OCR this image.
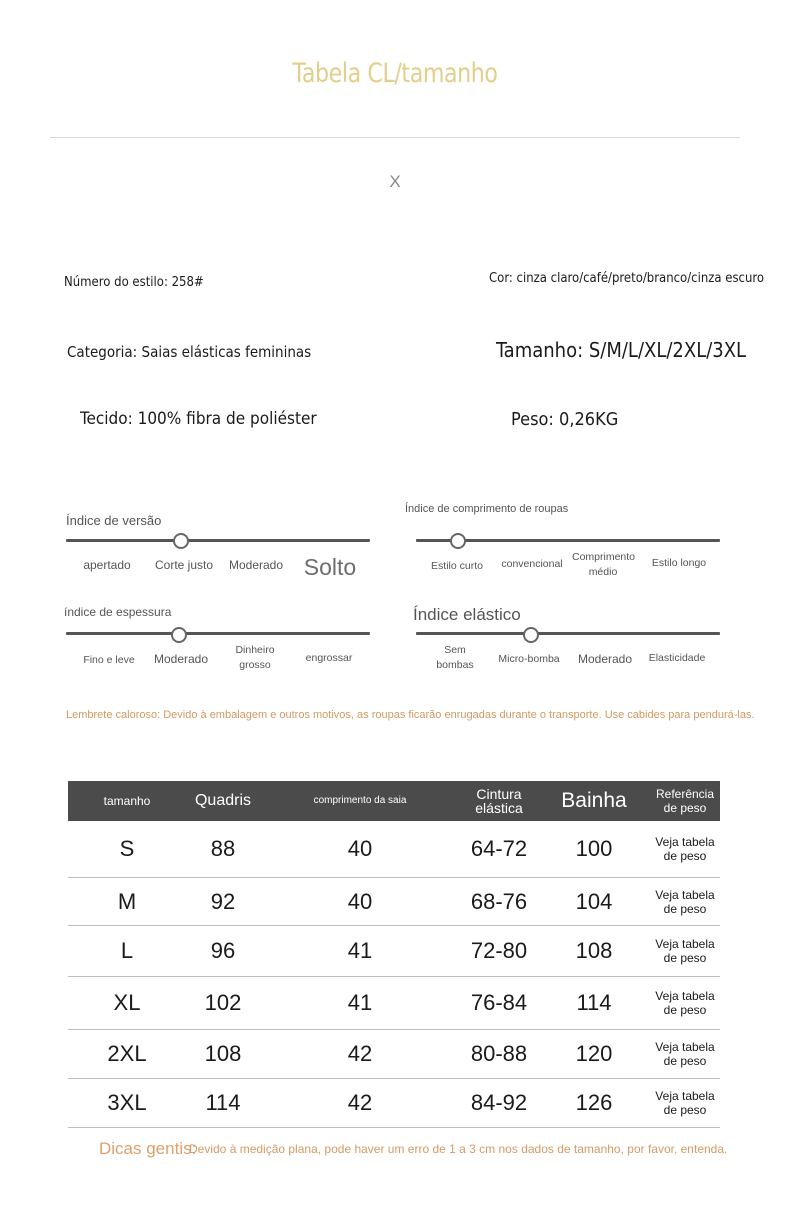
Tabela CL/tamanho
X
Número do estilo: 258#	Cor: cinza claro/café/preto/branco/cinza escuro
Categoria: Saias elásticas femininas	Tamanho: S/M/L/XL/2XL/3XL
Tecido: 100% fibra de poliéster	Peso: 0,26KG
Índice de versão
apertado Corte justo Moderado Solto
Índice de comprimento de roupas
Estilo curto convencional
Comprimento médio
Estilo longo
índice de espessura
Fino e leve Moderado
Dinheiro grosso
engrossar
Índice elástico
Sem bombas	Micro-bomba Moderado Elasticidade
Lembrete caloroso: Devido à embalagem e outros motivos, as roupas ficarão enrugadas durante o transporte. Use cabides para pendurá-las.
tamanho	Quadris	comprimento da saia	Cintura elástica	Bainha	Referência de peso
S	88	40	64-72	100	Veja tabela de peso
M	92	40	68-76	104	Veja tabela de peso
L	96	41	72-80	108	Veja tabela de peso
XL	102	41	76-84	114	Veja tabela de peso
2XL	108	42	80-88	120	Veja tabela de peso
3XL	114	42	84-92	126	Veja tabela de peso
Dicas gentis:
Devido à medição plana, pode haver um erro de 1 a 3 cm nos dados de tamanho, por favor, entenda.
